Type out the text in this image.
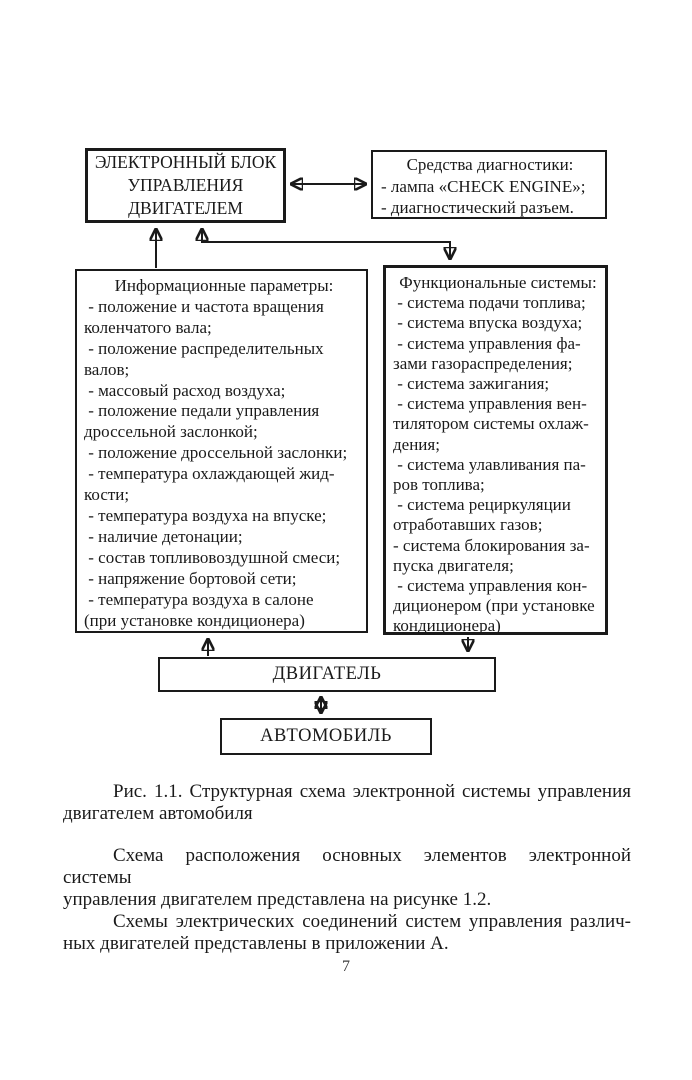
ЭЛЕКТРОННЫЙ БЛОК
УПРАВЛЕНИЯ
ДВИГАТЕЛЕМ
Средства диагностики:
- лампа «CHECK ENGINE»;
- диагностический разъем.
Информационные параметры:
- положение и частота вращения
коленчатого вала;
- положение распределительных
валов;
- массовый расход воздуха;
- положение педали управления
дроссельной заслонкой;
- положение дроссельной заслонки;
- температура охлаждающей жид-
кости;
- температура воздуха на впуске;
- наличие детонации;
- состав топливовоздушной смеси;
- напряжение бортовой сети;
- температура воздуха в салоне
(при установке кондиционера)
Функциональные системы:
- система подачи топлива;
- система впуска воздуха;
- система управления фа-
зами газораспределения;
- система зажигания;
- система управления вен-
тилятором системы охлаж-
дения;
- система улавливания па-
ров топлива;
- система рециркуляции
отработавших газов;
- система блокирования за-
пуска двигателя;
- система управления кон-
диционером (при установке
кондиционера)
ДВИГАТЕЛЬ
АВТОМОБИЛЬ
Рис. 1.1. Структурная схема электронной системы управления
двигателем автомобиля
Схема расположения основных элементов электронной системы
управления двигателем представлена на рисунке 1.2.
Схемы электрических соединений систем управления различ-
ных двигателей представлены в приложении А.
7
